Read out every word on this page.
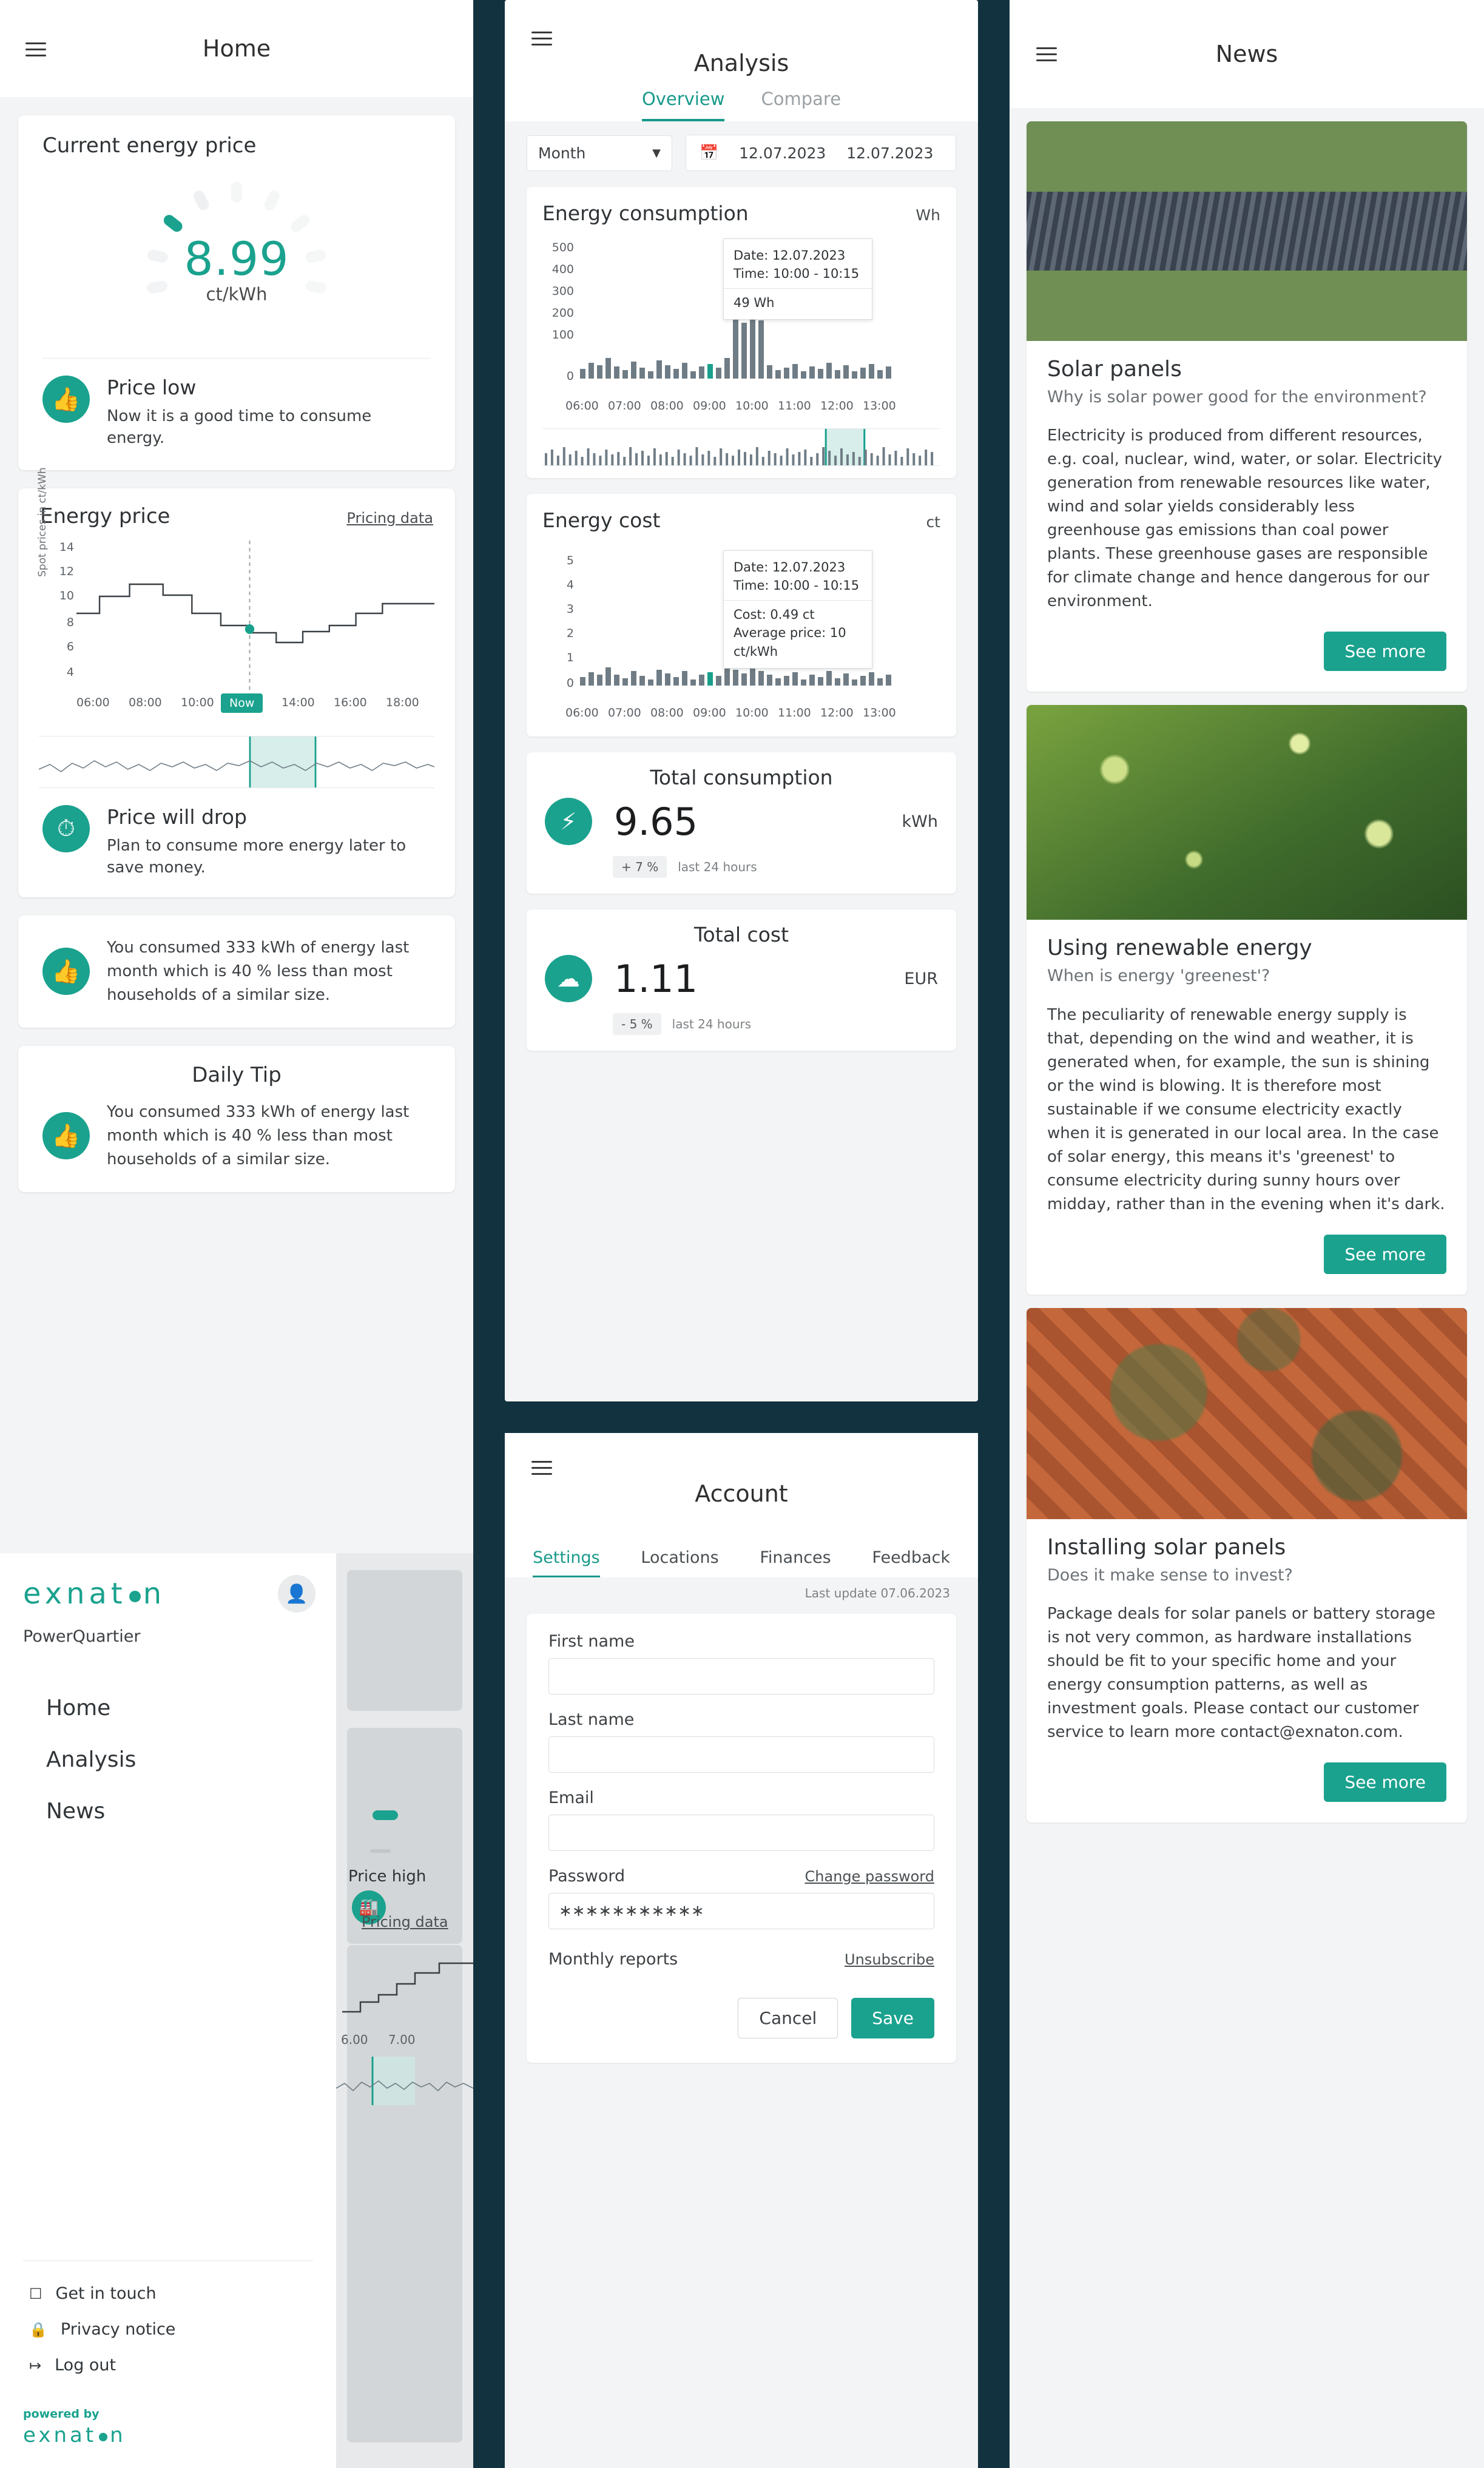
Home
Current energy price
8.99
ct/kWh
👍	Price low
Now it is a good time to consume energy.
Energy price	Pricing data
Spot prices in ct/kWh 14
12
10
8
6
4
06:00 08:00 10:00	14:00 16:00 18:00
Now
⏱	Price will drop
Plan to consume more energy later to save money.
👍
You consumed 333 kWh of energy last month which is 40 % less than most households of a similar size.
Daily Tip
👍
You consumed 333 kWh of energy last month which is 40 % less than most households of a similar size.
Analysis
Overview Compare
Month	▼	📅 12.07.2023 12.07.2023
Energy consumption	Wh
500
400
300
200
100
0
Date: 12.07.2023
Time: 10:00 - 10:15
49 Wh
06:00 07:00 08:00 09:00 10:00 11:00 12:00 13:00
Energy cost	ct
5
4
3
2
1
0
Date: 12.07.2023
Time: 10:00 - 10:15
Cost: 0.49 ct
Average price: 10 ct/kWh
06:00 07:00 08:00 09:00 10:00 11:00 12:00 13:00
Total consumption
⚡ 9.65	kWh
+ 7 %	last 24 hours
Total cost
☁ 1.11	EUR
- 5 %	last 24 hours
News
Solar panels
Why is solar power good for the environment?
Electricity is produced from different resources, e.g. coal, nuclear, wind, water, or solar. Electricity generation from renewable resources like water, wind and solar yields considerably less greenhouse gas emissions than coal power plants. These greenhouse gases are responsible for climate change and hence dangerous for our environment.
See more
Using renewable energy
When is energy 'greenest'?
The peculiarity of renewable energy supply is that, depending on the wind and weather, it is generated when, for example, the sun is shining or the wind is blowing. It is therefore most sustainable if we consume electricity exactly when it is generated in our local area. In the case of solar energy, this means it's 'greenest' to consume electricity during sunny hours over midday, rather than in the evening when it's dark.
See more
Installing solar panels
Does it make sense to invest?
Package deals for solar panels or battery storage is not very common, as hardware installations should be fit to your specific home and your energy consumption patterns, as well as investment goals. Please contact our customer service to learn more contact@exnaton.com.
See more
Price high
🏭
Pricing data
6.00 7.00
exnat n	👤
PowerQuartier
Home
Analysis
News
☐ Get in touch
🔒 Privacy notice
↦ Log out
powered by
exnat n
Account
Settings	Locations	Finances	Feedback
Last update 07.06.2023
First name
Last name
Email
Password	Change password
∗∗∗∗∗∗∗∗∗∗∗
Monthly reports	Unsubscribe
Cancel	Save
